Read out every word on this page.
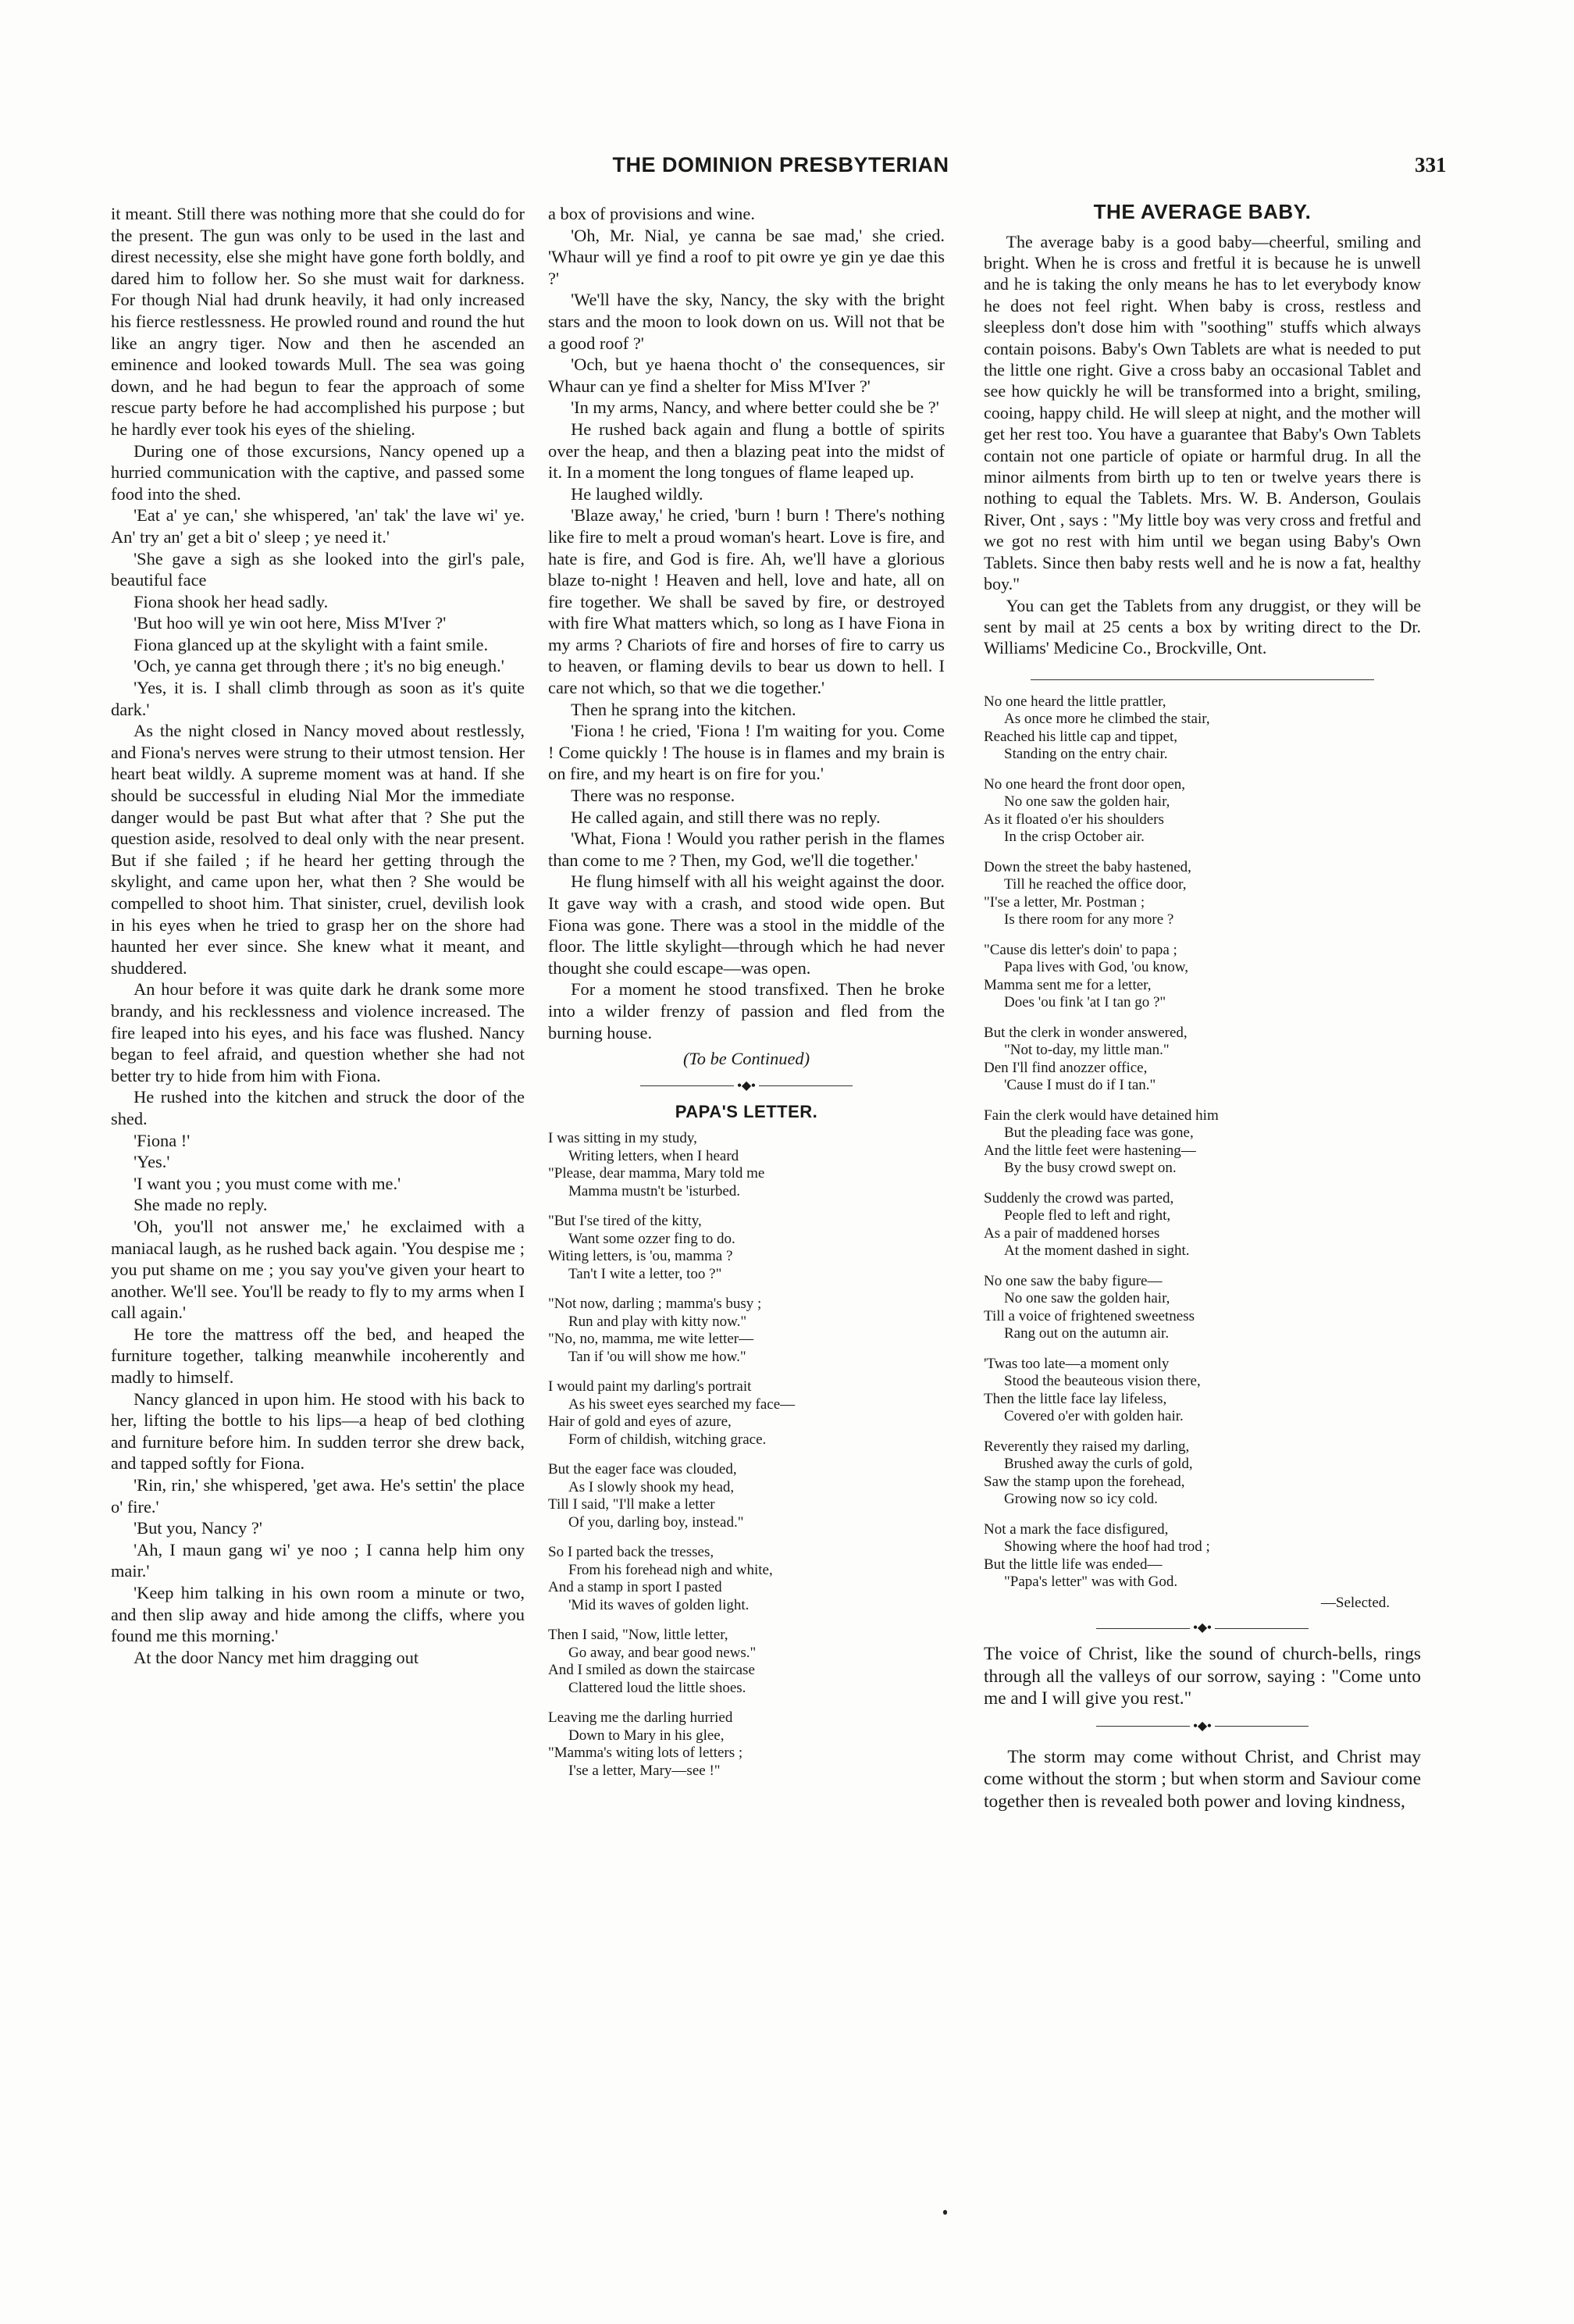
THE DOMINION PRESBYTERIAN	331

it meant. Still there was nothing more that she could do for the present. The gun was only to be used in the last and direst necessity, else she might have gone forth boldly, and dared him to follow her. So she must wait for darkness. For though Nial had drunk heavily, it had only increased his fierce restlessness. He prowled round and round the hut like an angry tiger. Now and then he ascended an eminence and looked towards Mull. The sea was going down, and he had begun to fear the approach of some rescue party before he had accomplished his purpose ; but he hardly ever took his eyes of the shieling.

During one of those excursions, Nancy opened up a hurried communication with the captive, and passed some food into the shed.

'Eat a' ye can,' she whispered, 'an' tak' the lave wi' ye. An' try an' get a bit o' sleep ; ye need it.'

'She gave a sigh as she looked into the girl's pale, beautiful face

Fiona shook her head sadly.

'But hoo will ye win oot here, Miss M'Iver ?'

Fiona glanced up at the skylight with a faint smile.

'Och, ye canna get through there ; it's no big eneugh.'

'Yes, it is. I shall climb through as soon as it's quite dark.'

As the night closed in Nancy moved about restlessly, and Fiona's nerves were strung to their utmost tension. Her heart beat wildly. A supreme moment was at hand. If she should be successful in eluding Nial Mor the immediate danger would be past But what after that ? She put the question aside, resolved to deal only with the near present. But if she failed ; if he heard her getting through the skylight, and came upon her, what then ? She would be compelled to shoot him. That sinister, cruel, devilish look in his eyes when he tried to grasp her on the shore had haunted her ever since. She knew what it meant, and shuddered.

An hour before it was quite dark he drank some more brandy, and his recklessness and violence increased. The fire leaped into his eyes, and his face was flushed. Nancy began to feel afraid, and question whether she had not better try to hide from him with Fiona.

He rushed into the kitchen and struck the door of the shed.

'Fiona !'

'Yes.'

'I want you ; you must come with me.'

She made no reply.

'Oh, you'll not answer me,' he exclaimed with a maniacal laugh, as he rushed back again. 'You despise me ; you put shame on me ; you say you've given your heart to another. We'll see. You'll be ready to fly to my arms when I call again.'

He tore the mattress off the bed, and heaped the furniture together, talking meanwhile incoherently and madly to himself.

Nancy glanced in upon him. He stood with his back to her, lifting the bottle to his lips—a heap of bed clothing and furniture before him. In sudden terror she drew back, and tapped softly for Fiona.

'Rin, rin,' she whispered, 'get awa. He's settin' the place o' fire.'

'But you, Nancy ?'

'Ah, I maun gang wi' ye noo ; I canna help him ony mair.'

'Keep him talking in his own room a minute or two, and then slip away and hide among the cliffs, where you found me this morning.'

At the door Nancy met him dragging out

a box of provisions and wine.

'Oh, Mr. Nial, ye canna be sae mad,' she cried. 'Whaur will ye find a roof to pit owre ye gin ye dae this ?'

'We'll have the sky, Nancy, the sky with the bright stars and the moon to look down on us. Will not that be a good roof ?'

'Och, but ye haena thocht o' the consequences, sir Whaur can ye find a shelter for Miss M'Iver ?'

'In my arms, Nancy, and where better could she be ?'

He rushed back again and flung a bottle of spirits over the heap, and then a blazing peat into the midst of it. In a moment the long tongues of flame leaped up.

He laughed wildly.

'Blaze away,' he cried, 'burn ! burn ! There's nothing like fire to melt a proud woman's heart. Love is fire, and hate is fire, and God is fire. Ah, we'll have a glorious blaze to-night ! Heaven and hell, love and hate, all on fire together. We shall be saved by fire, or destroyed with fire What matters which, so long as I have Fiona in my arms ? Chariots of fire and horses of fire to carry us to heaven, or flaming devils to bear us down to hell. I care not which, so that we die together.'

Then he sprang into the kitchen.

'Fiona ! he cried, 'Fiona ! I'm waiting for you. Come ! Come quickly ! The house is in flames and my brain is on fire, and my heart is on fire for you.'

There was no response.

He called again, and still there was no reply.

'What, Fiona ! Would you rather perish in the flames than come to me ? Then, my God, we'll die together.'

He flung himself with all his weight against the door. It gave way with a crash, and stood wide open. But Fiona was gone. There was a stool in the middle of the floor. The little skylight—through which he had never thought she could escape—was open.

For a moment he stood transfixed. Then he broke into a wilder frenzy of passion and fled from the burning house.

(To be Continued)

•◆•

PAPA'S LETTER.

I was sitting in my study,
Writing letters, when I heard
"Please, dear mamma, Mary told me
Mamma mustn't be 'isturbed.
"But I'se tired of the kitty,
Want some ozzer fing to do.
Witing letters, is 'ou, mamma ?
Tan't I wite a letter, too ?"
"Not now, darling ; mamma's busy ;
Run and play with kitty now."
"No, no, mamma, me wite letter—
Tan if 'ou will show me how."
I would paint my darling's portrait
As his sweet eyes searched my face—
Hair of gold and eyes of azure,
Form of childish, witching grace.
But the eager face was clouded,
As I slowly shook my head,
Till I said, "I'll make a letter
Of you, darling boy, instead."
So I parted back the tresses,
From his forehead nigh and white,
And a stamp in sport I pasted
'Mid its waves of golden light.
Then I said, "Now, little letter,
Go away, and bear good news."
And I smiled as down the staircase
Clattered loud the little shoes.
Leaving me the darling hurried
Down to Mary in his glee,
"Mamma's witing lots of letters ;
I'se a letter, Mary—see !"

THE AVERAGE BABY.

The average baby is a good baby—cheerful, smiling and bright. When he is cross and fretful it is because he is unwell and he is taking the only means he has to let everybody know he does not feel right. When baby is cross, restless and sleepless don't dose him with "soothing" stuffs which always contain poisons. Baby's Own Tablets are what is needed to put the little one right. Give a cross baby an occasional Tablet and see how quickly he will be transformed into a bright, smiling, cooing, happy child. He will sleep at night, and the mother will get her rest too. You have a guarantee that Baby's Own Tablets contain not one particle of opiate or harmful drug. In all the minor ailments from birth up to ten or twelve years there is nothing to equal the Tablets. Mrs. W. B. Anderson, Goulais River, Ont , says : "My little boy was very cross and fretful and we got no rest with him until we began using Baby's Own Tablets. Since then baby rests well and he is now a fat, healthy boy."

You can get the Tablets from any druggist, or they will be sent by mail at 25 cents a box by writing direct to the Dr. Williams' Medicine Co., Brockville, Ont.

No one heard the little prattler,
As once more he climbed the stair,
Reached his little cap and tippet,
Standing on the entry chair.
No one heard the front door open,
No one saw the golden hair,
As it floated o'er his shoulders
In the crisp October air.
Down the street the baby hastened,
Till he reached the office door,
"I'se a letter, Mr. Postman ;
Is there room for any more ?
"Cause dis letter's doin' to papa ;
Papa lives with God, 'ou know,
Mamma sent me for a letter,
Does 'ou fink 'at I tan go ?"
But the clerk in wonder answered,
"Not to-day, my little man."
Den I'll find anozzer office,
'Cause I must do if I tan."
Fain the clerk would have detained him
But the pleading face was gone,
And the little feet were hastening—
By the busy crowd swept on.
Suddenly the crowd was parted,
People fled to left and right,
As a pair of maddened horses
At the moment dashed in sight.
No one saw the baby figure—
No one saw the golden hair,
Till a voice of frightened sweetness
Rang out on the autumn air.
'Twas too late—a moment only
Stood the beauteous vision there,
Then the little face lay lifeless,
Covered o'er with golden hair.
Reverently they raised my darling,
Brushed away the curls of gold,
Saw the stamp upon the forehead,
Growing now so icy cold.
Not a mark the face disfigured,
Showing where the hoof had trod ;
But the little life was ended—
"Papa's letter" was with God.
—Selected.
•◆•

The voice of Christ, like the sound of church-bells, rings through all the valleys of our sorrow, saying : "Come unto me and I will give you rest."

•◆•

The storm may come without Christ, and Christ may come without the storm ; but when storm and Saviour come together then is revealed both power and loving kindness,
